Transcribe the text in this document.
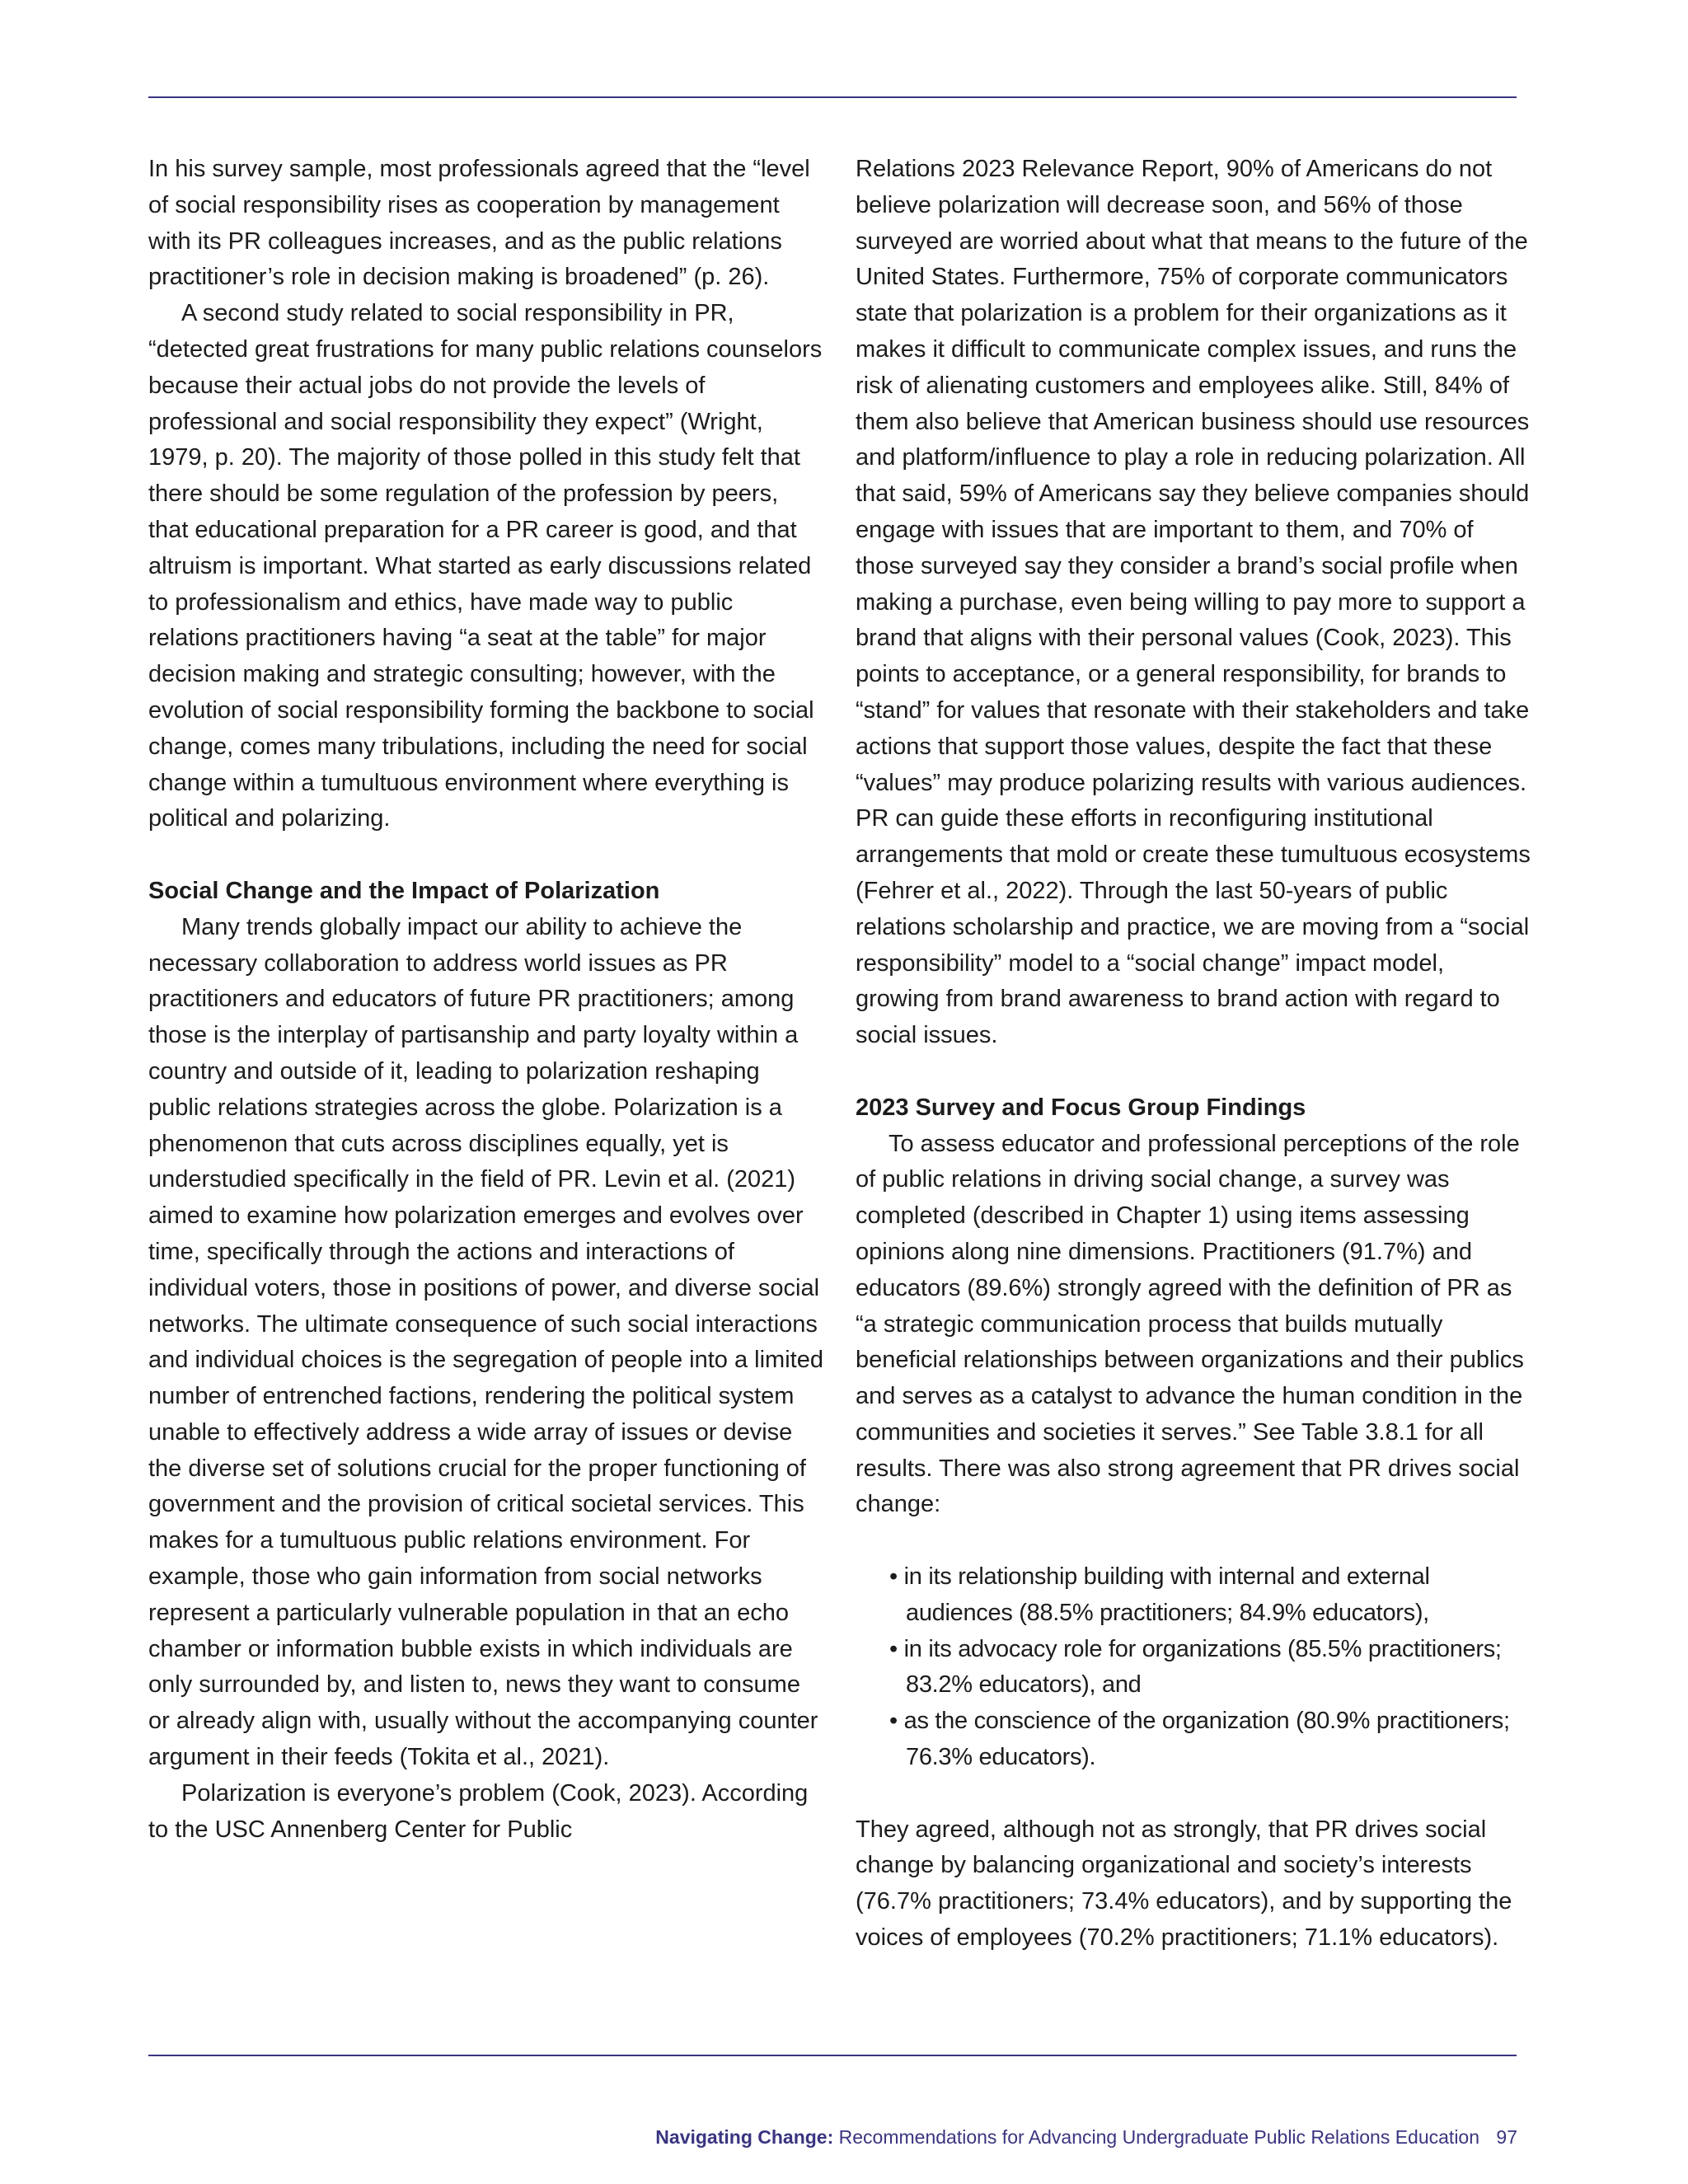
In his survey sample, most professionals agreed that the “level of social responsibility rises as cooperation by management with its PR colleagues increases, and as the public relations practitioner’s role in decision making is broadened” (p. 26).

A second study related to social responsibility in PR, “detected great frustrations for many public relations counselors because their actual jobs do not provide the levels of professional and social responsibility they expect” (Wright, 1979, p. 20). The majority of those polled in this study felt that there should be some regulation of the profession by peers, that educational preparation for a PR career is good, and that altruism is important. What started as early discussions related to professionalism and ethics, have made way to public relations practitioners having “a seat at the table” for major decision making and strategic consulting; however, with the evolution of social responsibility forming the backbone to social change, comes many tribulations, including the need for social change within a tumultuous environment where everything is political and polarizing.

Social Change and the Impact of Polarization

Many trends globally impact our ability to achieve the necessary collaboration to address world issues as PR practitioners and educators of future PR practitioners; among those is the interplay of partisanship and party loyalty within a country and outside of it, leading to polarization reshaping public relations strategies across the globe. Polarization is a phenomenon that cuts across disciplines equally, yet is understudied specifically in the field of PR. Levin et al. (2021) aimed to examine how polarization emerges and evolves over time, specifically through the actions and interactions of individual voters, those in positions of power, and diverse social networks. The ultimate consequence of such social interactions and individual choices is the segregation of people into a limited number of entrenched factions, rendering the political system unable to effectively address a wide array of issues or devise the diverse set of solutions crucial for the proper functioning of government and the provision of critical societal services. This makes for a tumultuous public relations environment. For example, those who gain information from social networks represent a particularly vulnerable population in that an echo chamber or information bubble exists in which individuals are only surrounded by, and listen to, news they want to consume or already align with, usually without the accompanying counter argument in their feeds (Tokita et al., 2021).

Polarization is everyone’s problem (Cook, 2023). According to the USC Annenberg Center for Public

Relations 2023 Relevance Report, 90% of Americans do not believe polarization will decrease soon, and 56% of those surveyed are worried about what that means to the future of the United States. Furthermore, 75% of corporate communicators state that polarization is a problem for their organizations as it makes it difficult to communicate complex issues, and runs the risk of alienating customers and employees alike. Still, 84% of them also believe that American business should use resources and platform/influence to play a role in reducing polarization. All that said, 59% of Americans say they believe companies should engage with issues that are important to them, and 70% of those surveyed say they consider a brand’s social profile when making a purchase, even being willing to pay more to support a brand that aligns with their personal values (Cook, 2023). This points to acceptance, or a general responsibility, for brands to “stand” for values that resonate with their stakeholders and take actions that support those values, despite the fact that these “values” may produce polarizing results with various audiences. PR can guide these efforts in reconfiguring institutional arrangements that mold or create these tumultuous ecosystems (Fehrer et al., 2022). Through the last 50-years of public relations scholarship and practice, we are moving from a “social responsibility” model to a “social change” impact model, growing from brand awareness to brand action with regard to social issues.

2023 Survey and Focus Group Findings

To assess educator and professional perceptions of the role of public relations in driving social change, a survey was completed (described in Chapter 1) using items assessing opinions along nine dimensions. Practitioners (91.7%) and educators (89.6%) strongly agreed with the definition of PR as “a strategic communication process that builds mutually beneficial relationships between organizations and their publics and serves as a catalyst to advance the human condition in the communities and societies it serves.” See Table 3.8.1 for all results. There was also strong agreement that PR drives social change:

• in its relationship building with internal and external audiences (88.5% practitioners; 84.9% educators),
• in its advocacy role for organizations (85.5% practitioners; 83.2% educators), and
• as the conscience of the organization (80.9% practitioners; 76.3% educators).

They agreed, although not as strongly, that PR drives social change by balancing organizational and society’s interests (76.7% practitioners; 73.4% educators), and by supporting the voices of employees (70.2% practitioners; 71.1% educators).

Navigating Change: Recommendations for Advancing Undergraduate Public Relations Education 97
